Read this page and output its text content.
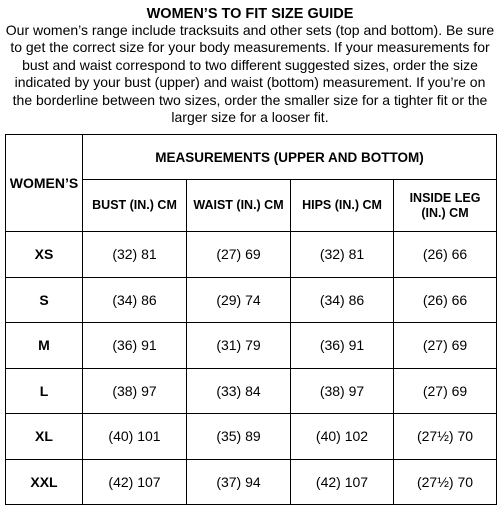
WOMEN’S TO FIT SIZE GUIDE
Our women’s range include tracksuits and other sets (top and bottom). Be sure to get the correct size for your body measurements. If your measurements for bust and waist correspond to two different suggested sizes, order the size indicated by your bust (upper) and waist (bottom) measurement. If you’re on the borderline between two sizes, order the smaller size for a tighter fit or the larger size for a looser fit.
WOMEN’S	MEASUREMENTS (UPPER AND BOTTOM)			
	BUST (IN.) CM	WAIST (IN.) CM	HIPS (IN.) CM	INSIDE LEG (IN.) CM
XS	(32) 81	(27) 69	(32) 81	(26) 66
S	(34) 86	(29) 74	(34) 86	(26) 66
M	(36) 91	(31) 79	(36) 91	(27) 69
L	(38) 97	(33) 84	(38) 97	(27) 69
XL	(40) 101	(35) 89	(40) 102	(27½) 70
XXL	(42) 107	(37) 94	(42) 107	(27½) 70
